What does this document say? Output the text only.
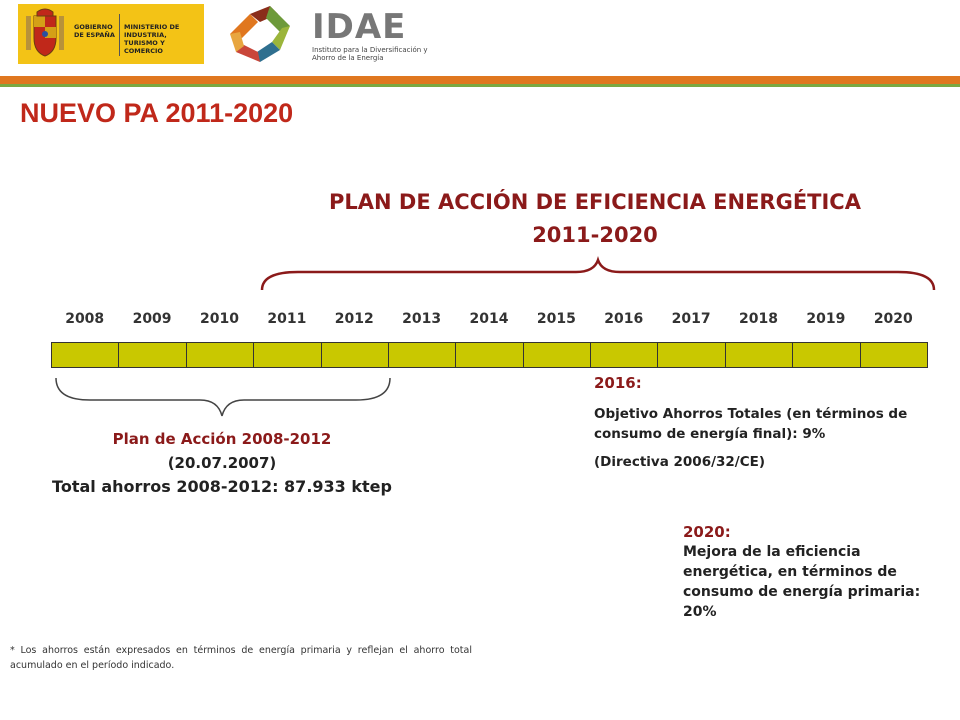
GOBIERNO DE ESPAÑA
MINISTERIO DE INDUSTRIA, TURISMO Y COMERCIO
IDAE
Instituto para la Diversificación y Ahorro de la Energía
NUEVO PA 2011-2020
PLAN DE ACCIÓN DE EFICIENCIA ENERGÉTICA
2011-2020
2008	2009	2010	2011	2012	2013	2014	2015	2016	2017	2018	2019	2020
Plan de Acción 2008-2012
(20.07.2007)
Total ahorros 2008-2012: 87.933 ktep
2016:
Objetivo Ahorros Totales (en términos de consumo de energía final): 9%
(Directiva 2006/32/CE)
2020:
Mejora de la eficiencia energética, en términos de consumo de energía primaria: 20%
* Los ahorros están expresados en términos de energía primaria y reflejan el ahorro total acumulado en el período indicado.
